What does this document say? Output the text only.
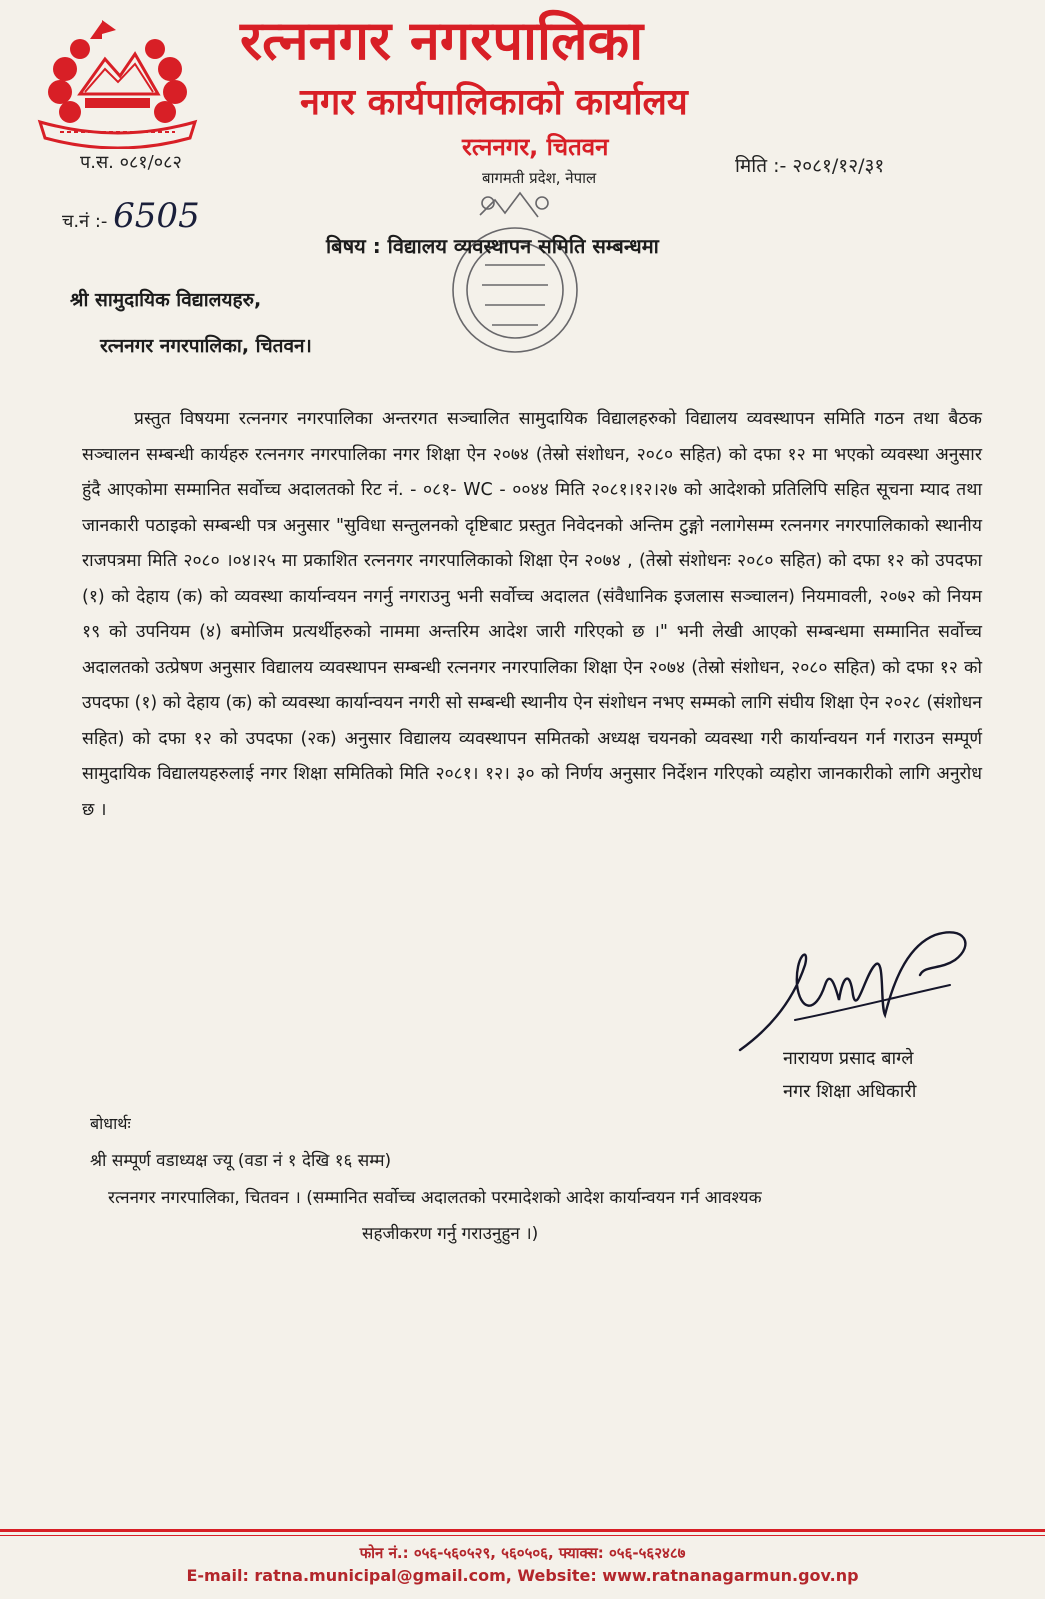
रत्ननगर नगरपालिका
नगर कार्यपालिकाको कार्यालय
रत्ननगर, चितवन
बागमती प्रदेश, नेपाल
प.स. ०८१/०८२
च.नं :- 6505
मिति :- २०८१/१२/३१
बिषय : विद्यालय व्यवस्थापन समिति सम्बन्धमा
श्री सामुदायिक विद्यालयहरु,
रत्ननगर नगरपालिका, चितवन।
प्रस्तुत विषयमा रत्ननगर नगरपालिका अन्तरगत सञ्चालित सामुदायिक विद्यालहरुको विद्यालय व्यवस्थापन समिति गठन तथा बैठक सञ्चालन सम्बन्धी कार्यहरु रत्ननगर नगरपालिका नगर शिक्षा ऐन २०७४ (तेस्रो संशोधन, २०८० सहित) को दफा १२ मा भएको व्यवस्था अनुसार हुंदै आएकोमा सम्मानित सर्वोच्च अदालतको रिट नं. - ०८१- WC - ००४४ मिति २०८१।१२।२७ को आदेशको प्रतिलिपि सहित सूचना म्याद तथा जानकारी पठाइको सम्बन्धी पत्र अनुसार "सुविधा सन्तुलनको दृष्टिबाट प्रस्तुत निवेदनको अन्तिम टुङ्गो नलागेसम्म रत्ननगर नगरपालिकाको स्थानीय राजपत्रमा मिति २०८० ।०४।२५ मा प्रकाशित रत्ननगर नगरपालिकाको शिक्षा ऐन २०७४ , (तेस्रो संशोधनः २०८० सहित) को दफा १२ को उपदफा (१) को देहाय (क) को व्यवस्था कार्यान्वयन नगर्नु नगराउनु भनी सर्वोच्च अदालत (संवैधानिक इजलास सञ्चालन) नियमावली, २०७२ को नियम १९ को उपनियम (४) बमोजिम प्रत्यर्थीहरुको नाममा अन्तरिम आदेश जारी गरिएको छ ।" भनी लेखी आएको सम्बन्धमा सम्मानित सर्वोच्च अदालतको उत्प्रेषण अनुसार विद्यालय व्यवस्थापन सम्बन्धी रत्ननगर नगरपालिका शिक्षा ऐन २०७४ (तेस्रो संशोधन, २०८० सहित) को दफा १२ को उपदफा (१) को देहाय (क) को व्यवस्था कार्यान्वयन नगरी सो सम्बन्धी स्थानीय ऐन संशोधन नभए सम्मको लागि संघीय शिक्षा ऐन २०२८ (संशोधन सहित) को दफा १२ को उपदफा (२क) अनुसार विद्यालय व्यवस्थापन समितको अध्यक्ष चयनको व्यवस्था गरी कार्यान्वयन गर्न गराउन सम्पूर्ण सामुदायिक विद्यालयहरुलाई नगर शिक्षा समितिको मिति २०८१। १२। ३० को निर्णय अनुसार निर्देशन गरिएको व्यहोरा जानकारीको लागि अनुरोध छ ।
नारायण प्रसाद बाग्ले
नगर शिक्षा अधिकारी
बोधार्थः
श्री सम्पूर्ण वडाध्यक्ष ज्यू (वडा नं १ देखि १६ सम्म)
रत्ननगर नगरपालिका, चितवन । (सम्मानित सर्वोच्च अदालतको परमादेशको आदेश कार्यान्वयन गर्न आवश्यक
सहजीकरण गर्नु गराउनुहुन ।)
फोन नं.: ०५६-५६०५२९, ५६०५०६, फ्याक्स: ०५६-५६२४८७
E-mail: ratna.municipal@gmail.com, Website: www.ratnanagarmun.gov.np
